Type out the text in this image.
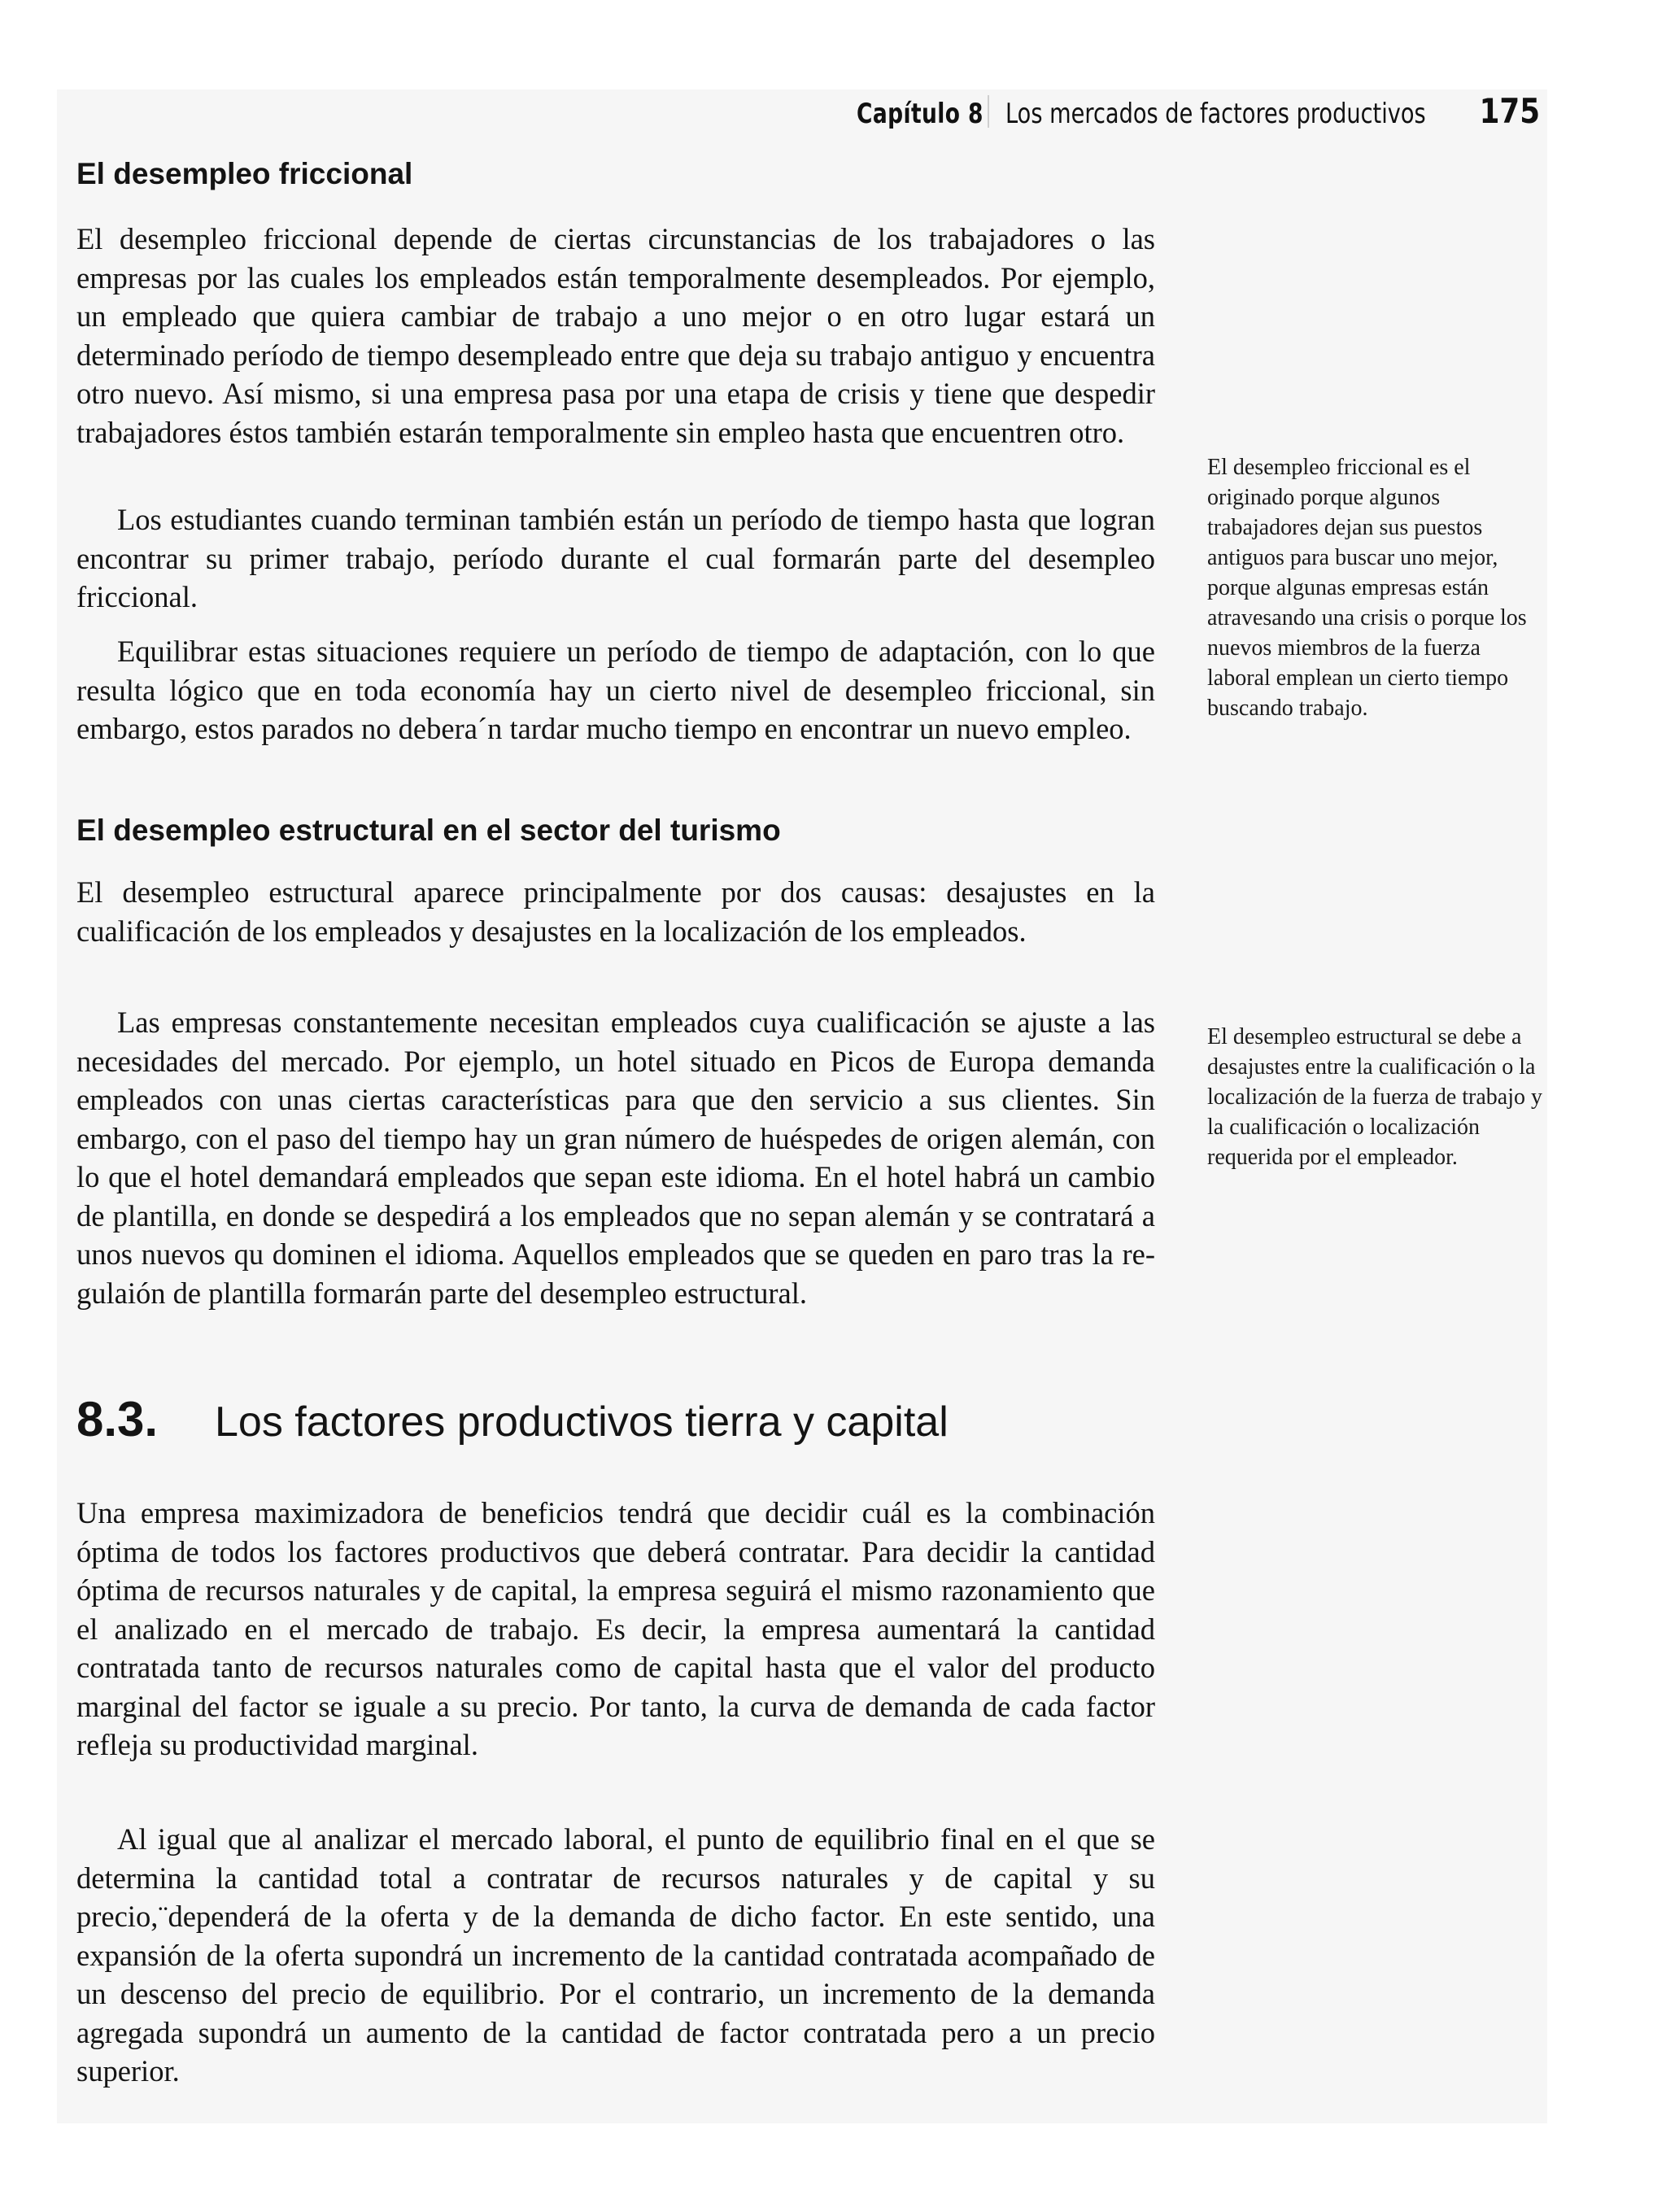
Capítulo 8 Los mercados de factores productivos 175
El desempleo friccional

El desempleo friccional depende de ciertas circunstancias de los trabajadores o las empresas por las cuales los empleados están temporalmente desempleados. Por ejemplo, un empleado que quiera cambiar de trabajo a uno mejor o en otro lugar estará un determinado período de tiempo desempleado entre que deja su trabajo antiguo y encuentra otro nuevo. Así mismo, si una empresa pasa por una etapa de crisis y tiene que despedir trabajadores éstos también estarán temporalmente sin empleo hasta que encuentren otro.

Los estudiantes cuando terminan también están un período de tiempo hasta que logran encontrar su primer trabajo, período durante el cual formarán parte del desempleo friccional.

Equilibrar estas situaciones requiere un período de tiempo de adaptación, con lo que resulta lógico que en toda economía hay un cierto nivel de desempleo friccional, sin embargo, estos parados no debera´n tardar mucho tiempo en encontrar un nuevo empleo.

El desempleo estructural en el sector del turismo

El desempleo estructural aparece principalmente por dos causas: desajustes en la cualificación de los empleados y desajustes en la localización de los empleados.

Las empresas constantemente necesitan empleados cuya cualificación se ajuste a las necesidades del mercado. Por ejemplo, un hotel situado en Picos de Europa demanda empleados con unas ciertas características para que den servicio a sus clientes. Sin embargo, con el paso del tiempo hay un gran número de huéspedes de origen alemán, con lo que el hotel demandará empleados que sepan este idioma. En el hotel habrá un cambio de plantilla, en donde se despedirá a los empleados que no sepan alemán y se contratará a unos nuevos qu dominen el idioma. Aquellos empleados que se queden en paro tras la regulaión de plantilla formarán parte del desempleo estructural.

8.3.	Los factores productivos tierra y capital

Una empresa maximizadora de beneficios tendrá que decidir cuál es la combinación óptima de todos los factores productivos que deberá contratar. Para decidir la cantidad óptima de recursos naturales y de capital, la empresa seguirá el mismo razonamiento que el analizado en el mercado de trabajo. Es decir, la empresa aumentará la cantidad contratada tanto de recursos naturales como de capital hasta que el valor del producto marginal del factor se iguale a su precio. Por tanto, la curva de demanda de cada factor refleja su productividad marginal.

Al igual que al analizar el mercado laboral, el punto de equilibrio final en el que se determina la cantidad total a contratar de recursos naturales y de capital y su precio,¨dependerá de la oferta y de la demanda de dicho factor. En este sentido, una expansión de la oferta supondrá un incremento de la cantidad contratada acompañado de un descenso del precio de equilibrio. Por el contrario, un incremento de la demanda agregada supondrá un aumento de la cantidad de factor contratada pero a un precio superior.

El desempleo friccional es el originado porque algunos trabajadores dejan sus puestos antiguos para buscar uno mejor, porque algunas empresas están atravesando una crisis o porque los nuevos miembros de la fuerza laboral emplean un cierto tiempo buscando trabajo.

El desempleo estructural se debe a desajustes entre la cualificación o la localización de la fuerza de trabajo y la cualificación o localización requerida por el empleador.
